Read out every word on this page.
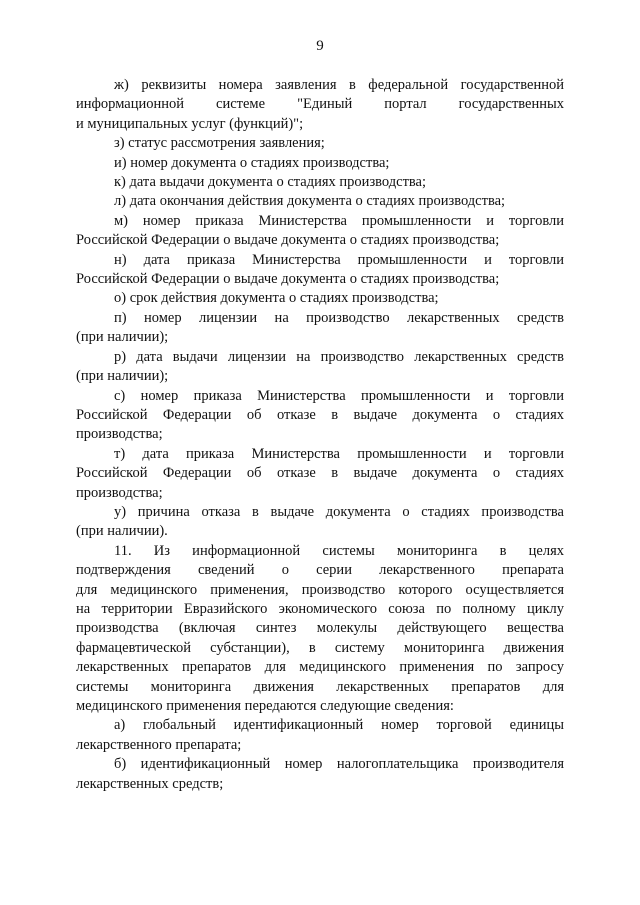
9

ж) реквизиты номера заявления в федеральной государственной

информационной системе "Единый портал государственных

и муниципальных услуг (функций)";

з) статус рассмотрения заявления;

и) номер документа о стадиях производства;

к) дата выдачи документа о стадиях производства;

л) дата окончания действия документа о стадиях производства;

м) номер приказа Министерства промышленности и торговли

Российской Федерации о выдаче документа о стадиях производства;

н) дата приказа Министерства промышленности и торговли

Российской Федерации о выдаче документа о стадиях производства;

о) срок действия документа о стадиях производства;

п) номер лицензии на производство лекарственных средств

(при наличии);

р) дата выдачи лицензии на производство лекарственных средств

(при наличии);

с) номер приказа Министерства промышленности и торговли

Российской Федерации об отказе в выдаче документа о стадиях

производства;

т) дата приказа Министерства промышленности и торговли

Российской Федерации об отказе в выдаче документа о стадиях

производства;

у) причина отказа в выдаче документа о стадиях производства

(при наличии).

11. Из информационной системы мониторинга в целях

подтверждения сведений о серии лекарственного препарата

для медицинского применения, производство которого осуществляется

на территории Евразийского экономического союза по полному циклу

производства (включая синтез молекулы действующего вещества

фармацевтической субстанции), в систему мониторинга движения

лекарственных препаратов для медицинского применения по запросу

системы мониторинга движения лекарственных препаратов для

медицинского применения передаются следующие сведения:

а) глобальный идентификационный номер торговой единицы

лекарственного препарата;

б) идентификационный номер налогоплательщика производителя

лекарственных средств;
